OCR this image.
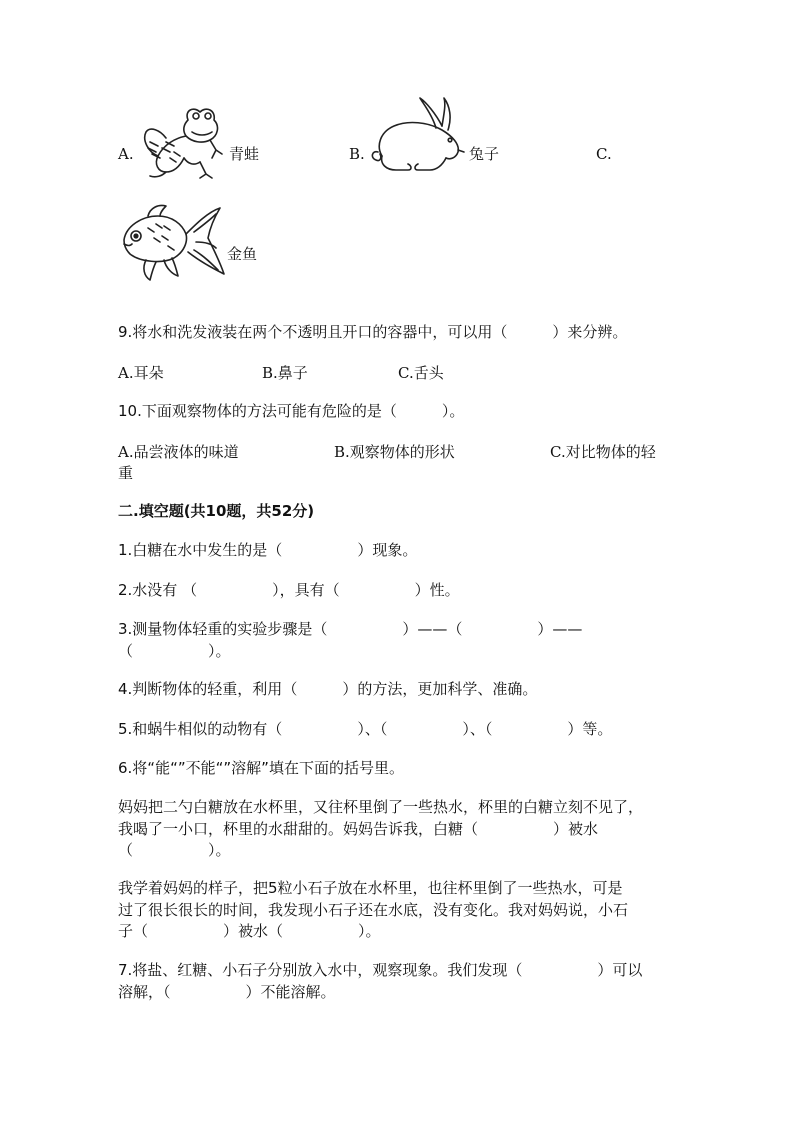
A.	青蛙	B.	兔子	C.
金鱼
9.将水和洗发液装在两个不透明且开口的容器中，可以用（　　　）来分辨。
A.耳朵	B.鼻子	C.舌头
10.下面观察物体的方法可能有危险的是（　　　）。
A.品尝液体的味道	B.观察物体的形状	C.对比物体的轻
重
二.填空题(共10题，共52分)
1.白糖在水中发生的是（　　　　　）现象。
2.水没有 （　　　　　），具有（　　　　　）性。
3.测量物体轻重的实验步骤是（　　　　　）——（　　　　　）——
（　　　　　）。
4.判断物体的轻重，利用（　　　）的方法，更加科学、准确。
5.和蜗牛相似的动物有（　　　　　）、（　　　　　）、（　　　　　）等。
6.将“能“”不能“”溶解”填在下面的括号里。
妈妈把二勺白糖放在水杯里，又往杯里倒了一些热水，杯里的白糖立刻不见了，
我喝了一小口，杯里的水甜甜的。妈妈告诉我，白糖（　　　　　）被水
（　　　　　）。
我学着妈妈的样子，把5粒小石子放在水杯里，也往杯里倒了一些热水，可是
过了很长很长的时间，我发现小石子还在水底，没有变化。我对妈妈说，小石
子（　　　　　）被水（　　　　　）。
7.将盐、红糖、小石子分别放入水中，观察现象。我们发现（　　　　　）可以
溶解，（　　　　　）不能溶解。
